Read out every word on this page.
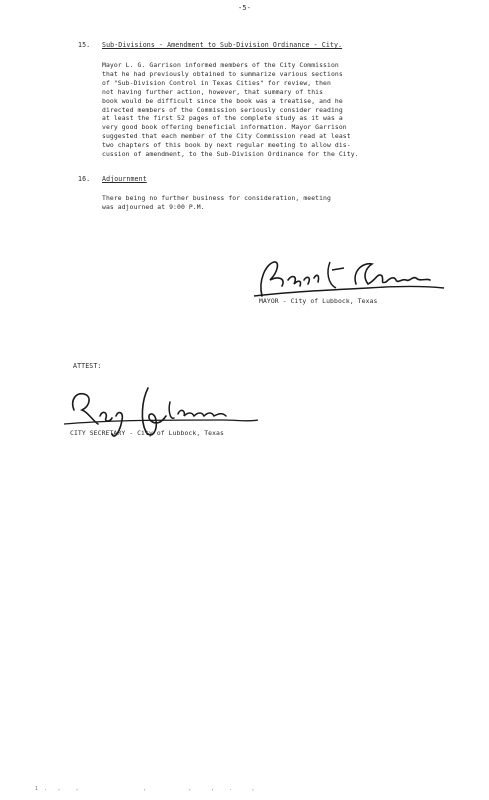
-5-
15. Sub-Divisions - Amendment to Sub-Division Ordinance - City.
Mayor L. G. Garrison informed members of the City Commission
that he had previously obtained to summarize various sections
of "Sub-Division Control in Texas Cities" for review, then
not having further action, however, that summary of this
book would be difficult since the book was a treatise, and he
directed members of the Commission seriously consider reading
at least the first 52 pages of the complete study as it was a
very good book offering beneficial information. Mayor Garrison
suggested that each member of the City Commission read at least
two chapters of this book by next regular meeting to allow dis-
cussion of amendment, to the Sub-Division Ordinance for the City.
16. Adjournment
There being no further business for consideration, meeting
was adjourned at 9:00 P.M.
MAYOR - City of Lubbock, Texas
ATTEST:
CITY SECRETARY - City of Lubbock, Texas
1 .  ,   ,              ,         ,    ,   .    ,
